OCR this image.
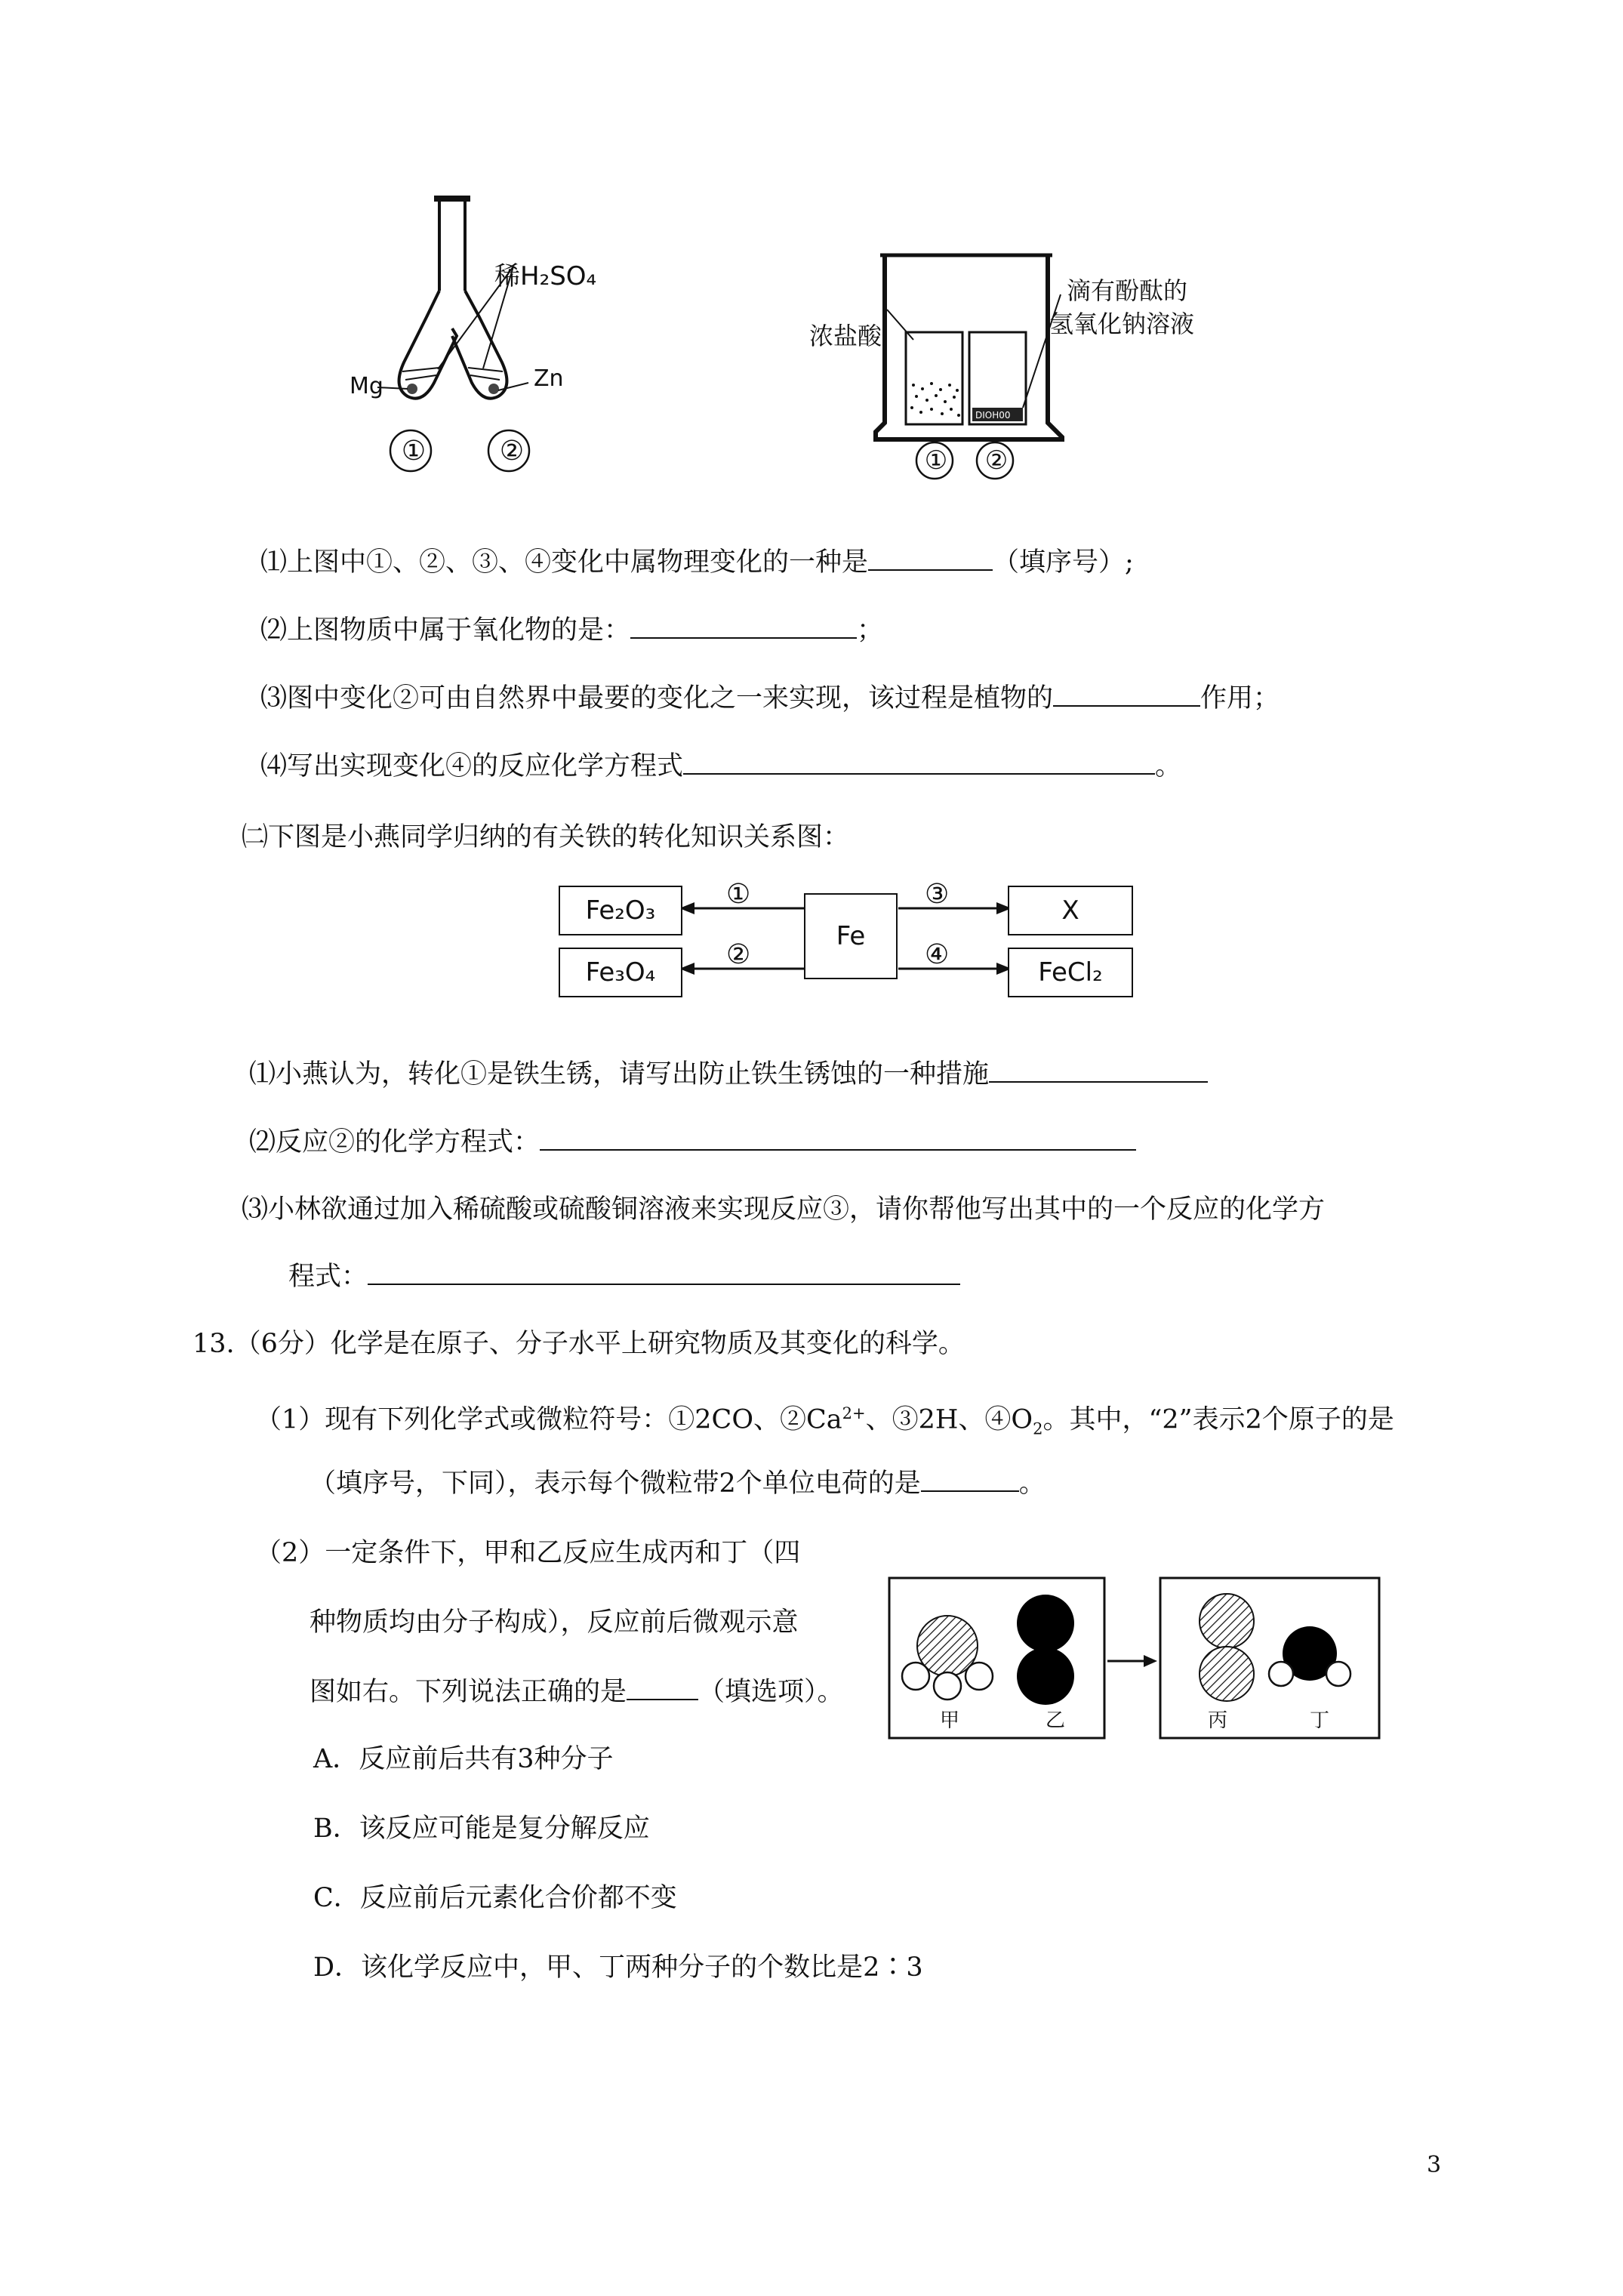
稀H₂SO₄
Mg	Zn
DIOH00
浓盐酸
滴有酚酞的
氢氧化钠溶液
①	②	① ②
⑴上图中①、②、③、④变化中属物理变化的一种是	（填序号）;
⑵上图物质中属于氧化物的是：	；
⑶图中变化②可由自然界中最要的变化之一来实现，该过程是植物的	作用；
⑷写出实现变化④的反应化学方程式	。
㈡下图是小燕同学归纳的有关铁的转化知识关系图：
Fe₂O₃
Fe₃O₄
Fe
X
FeCl₂
①
②
③
④
⑴小燕认为，转化①是铁生锈，请写出防止铁生锈蚀的一种措施
⑵反应②的化学方程式：
⑶小林欲通过加入稀硫酸或硫酸铜溶液来实现反应③，请你帮他写出其中的一个反应的化学方
程式：
13.（6分）化学是在原子、分子水平上研究物质及其变化的科学。
（1）现有下列化学式或微粒符号：①2CO、$②Ca^{2+}$、③2H、$④O_2$。其中，“2”表示2个原子的是
（填序号，下同），表示每个微粒带2个单位电荷的是	。
（2）一定条件下，甲和乙反应生成丙和丁（四
种物质均由分子构成），反应前后微观示意
图如右。下列说法正确的是	（填选项）。
甲	乙	丙	丁
A．反应前后共有3种分子
B．该反应可能是复分解反应
C．反应前后元素化合价都不变
D．该化学反应中，甲、丁两种分子的个数比是2∶3
3
